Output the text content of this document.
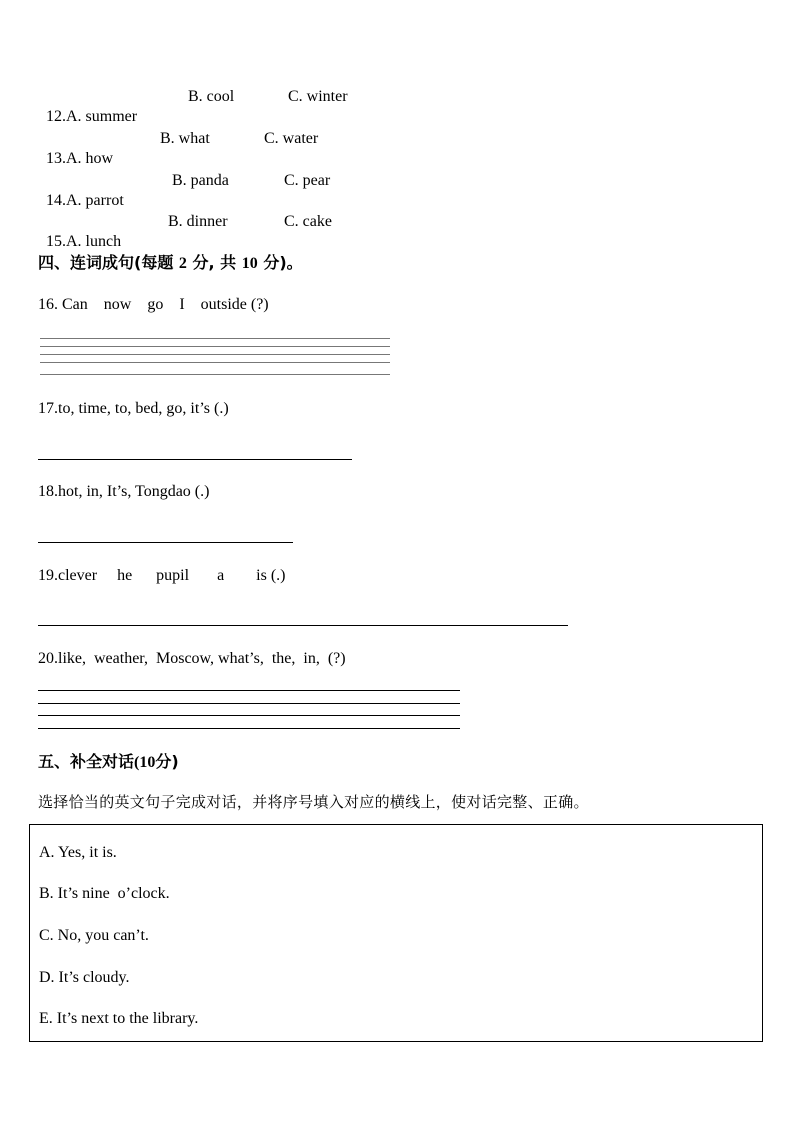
12.A. summer

B. cool	C. winter

13.A. how

B. what	C. water

14.A. parrot

B. panda	C. pear

15.A. lunch

B. dinner	C. cake
四、连词成句(每题 2 分, 共 10 分)。
16. Can    now    go    I    outside (?)
17.to, time, to, bed, go, it’s (.)
18.hot, in, It’s, Tongdao (.)
19.clever     he      pupil       a        is (.)
20.like,  weather,  Moscow, what’s,  the,  in,  (?)
五、补全对话(10分)
选择恰当的英文句子完成对话，并将序号填入对应的横线上，使对话完整、正确。
A. Yes, it is.
B. It’s nine  o’clock.
C. No, you can’t.
D. It’s cloudy.
E. It’s next to the library.
